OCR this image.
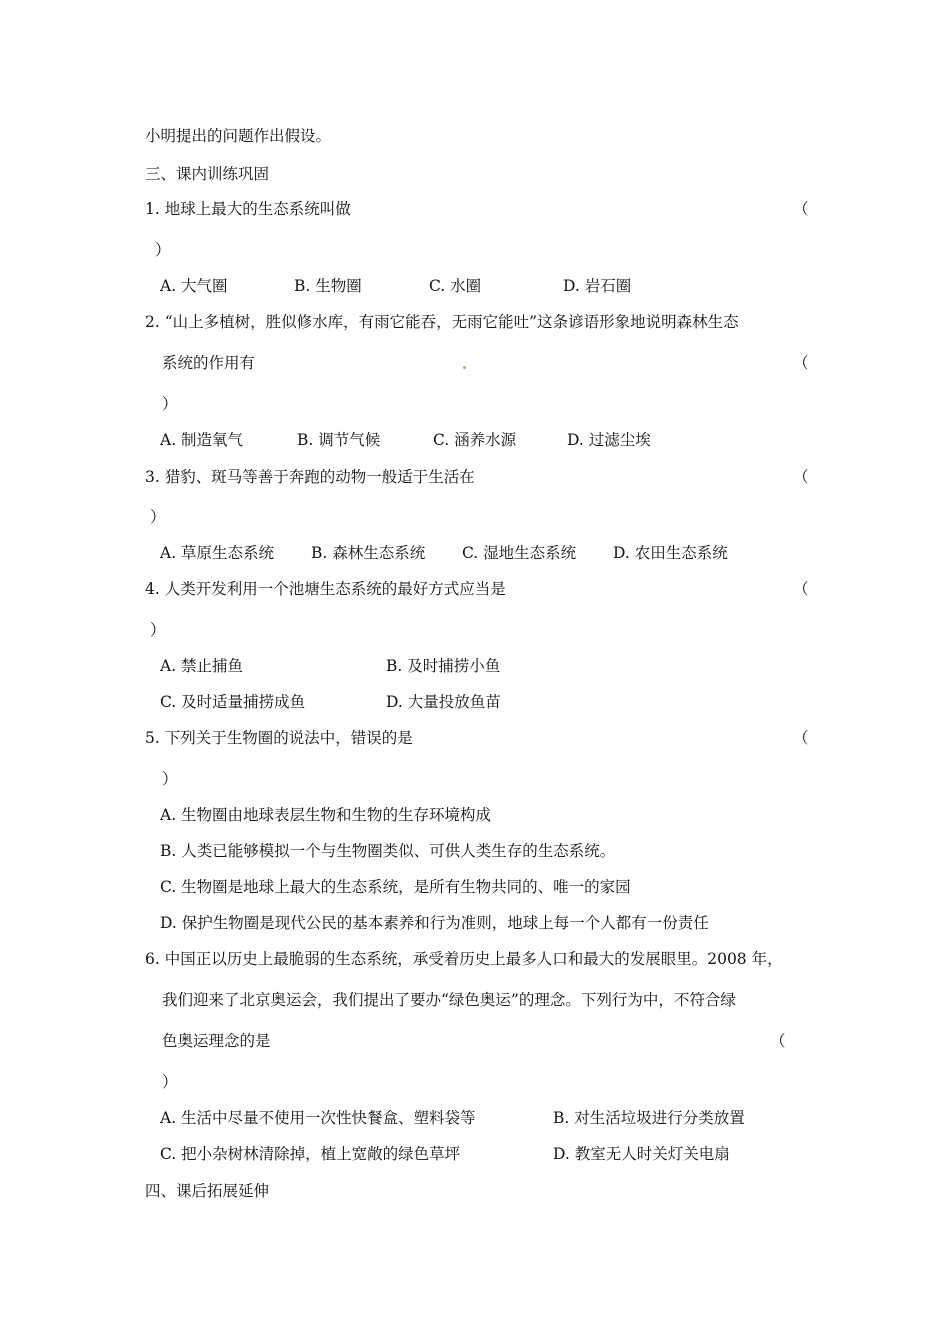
小明提出的问题作出假设。
三、课内训练巩固
1. 地球上最大的生态系统叫做	（
）
A. 大气圈	B. 生物圈	C. 水圈	D. 岩石圈
2. “山上多植树，胜似修水库，有雨它能吞，无雨它能吐”这条谚语形象地说明森林生态
系统的作用有	（
）
A. 制造氧气	B. 调节气候	C. 涵养水源	D. 过滤尘埃
3. 猎豹、斑马等善于奔跑的动物一般适于生活在	（
）
A. 草原生态系统 B. 森林生态系统 C. 湿地生态系统 D. 农田生态系统
4. 人类开发利用一个池塘生态系统的最好方式应当是	（
）
A. 禁止捕鱼	B. 及时捕捞小鱼
C. 及时适量捕捞成鱼	D. 大量投放鱼苗
5. 下列关于生物圈的说法中，错误的是	（
）
A. 生物圈由地球表层生物和生物的生存环境构成
B. 人类已能够模拟一个与生物圈类似、可供人类生存的生态系统。
C. 生物圈是地球上最大的生态系统，是所有生物共同的、唯一的家园
D. 保护生物圈是现代公民的基本素养和行为准则，地球上每一个人都有一份责任
6. 中国正以历史上最脆弱的生态系统，承受着历史上最多人口和最大的发展眼里。2008 年，
我们迎来了北京奥运会，我们提出了要办“绿色奥运”的理念。下列行为中，不符合绿
色奥运理念的是	（
）
A. 生活中尽量不使用一次性快餐盒、塑料袋等	B. 对生活垃圾进行分类放置
C. 把小杂树林清除掉，植上宽敞的绿色草坪	D. 教室无人时关灯关电扇
四、课后拓展延伸
